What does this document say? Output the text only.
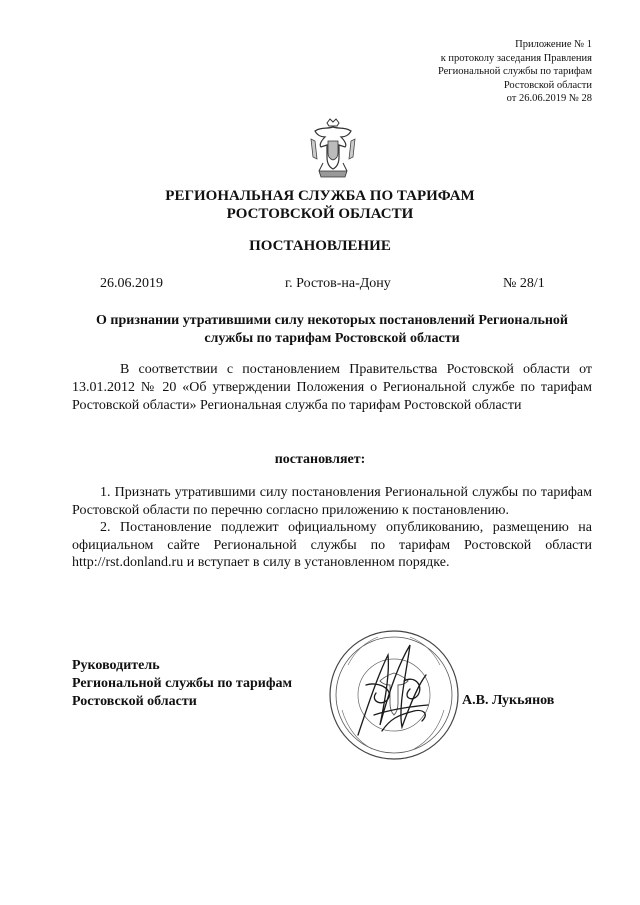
Приложение № 1
к протоколу заседания Правления
Региональной службы по тарифам
Ростовской области
от 26.06.2019 № 28
РЕГИОНАЛЬНАЯ СЛУЖБА ПО ТАРИФАМ
РОСТОВСКОЙ ОБЛАСТИ
ПОСТАНОВЛЕНИЕ
26.06.2019	г. Ростов-на-Дону	№ 28/1
О признании утратившими силу некоторых постановлений Региональной
службы по тарифам Ростовской области

В соответствии с постановлением Правительства Ростовской области от 13.01.2012 № 20 «Об утверждении Положения о Региональной службе по тарифам Ростовской области» Региональная служба по тарифам Ростовской области

постановляет:

1. Признать утратившими силу постановления Региональной службы по тарифам Ростовской области по перечню согласно приложению к постановлению.

2. Постановление подлежит официальному опубликованию, размещению на официальном сайте Региональной службы по тарифам Ростовской области http://rst.donland.ru и вступает в силу в установленном порядке.

Руководитель
Региональной службы по тарифам
Ростовской области	А.В. Лукьянов
